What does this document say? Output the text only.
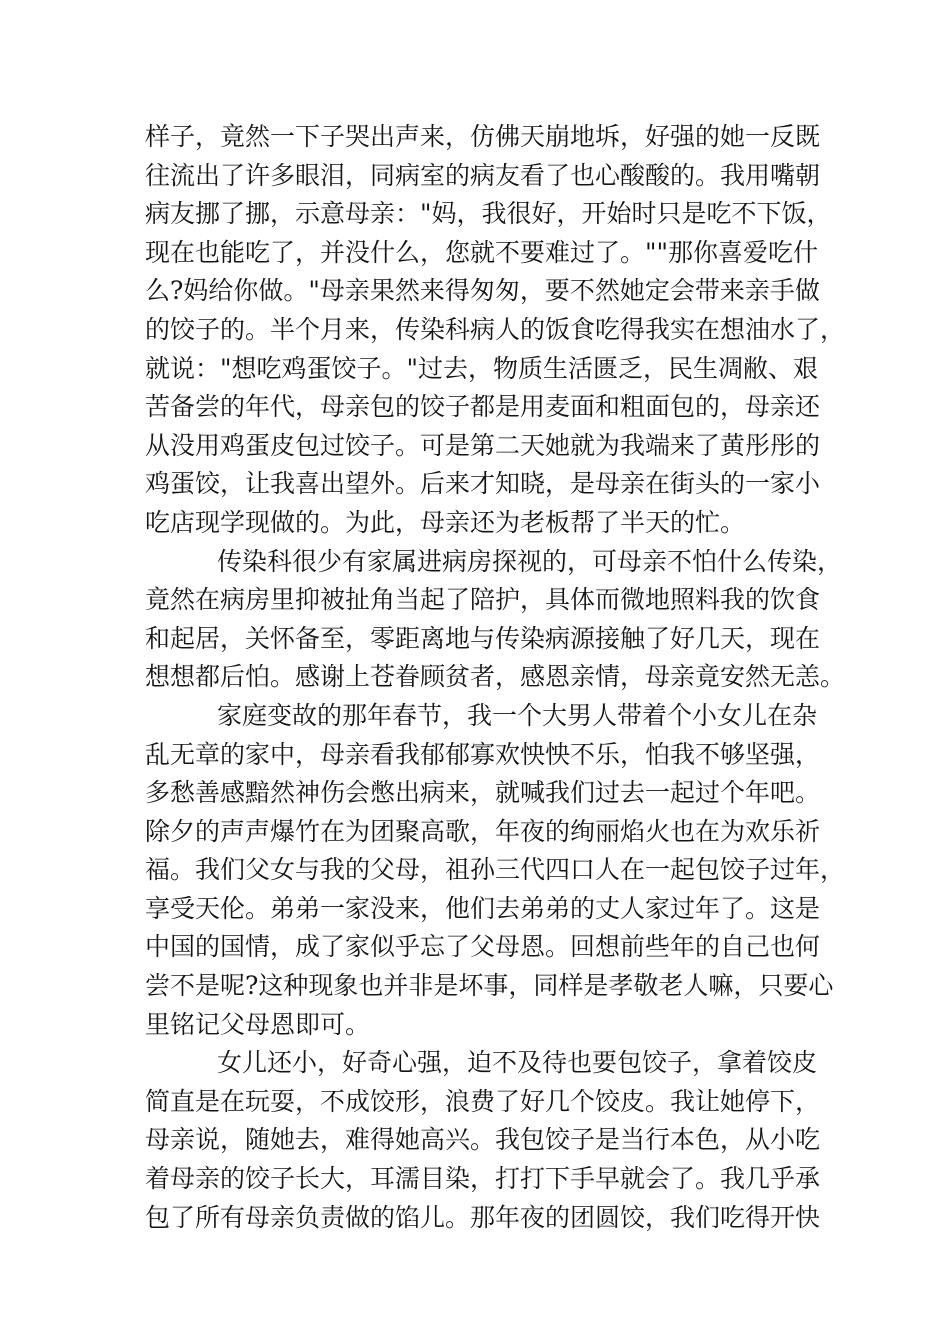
样子，竟然一下子哭出声来，仿佛天崩地坼，好强的她一反既
往流出了许多眼泪，同病室的病友看了也心酸酸的。我用嘴朝
病友挪了挪，示意母亲："妈，我很好，开始时只是吃不下饭，
现在也能吃了，并没什么，您就不要难过了。""那你喜爱吃什
么?妈给你做。"母亲果然来得匆匆，要不然她定会带来亲手做
的饺子的。半个月来，传染科病人的饭食吃得我实在想油水了，
就说："想吃鸡蛋饺子。"过去，物质生活匮乏，民生凋敝、艰
苦备尝的年代，母亲包的饺子都是用麦面和粗面包的，母亲还
从没用鸡蛋皮包过饺子。可是第二天她就为我端来了黄彤彤的
鸡蛋饺，让我喜出望外。后来才知晓，是母亲在街头的一家小
吃店现学现做的。为此，母亲还为老板帮了半天的忙。
传染科很少有家属进病房探视的，可母亲不怕什么传染，
竟然在病房里抑被扯角当起了陪护，具体而微地照料我的饮食
和起居，关怀备至，零距离地与传染病源接触了好几天，现在
想想都后怕。感谢上苍眷顾贫者，感恩亲情，母亲竟安然无恙。
家庭变故的那年春节，我一个大男人带着个小女儿在杂
乱无章的家中，母亲看我郁郁寡欢怏怏不乐，怕我不够坚强，
多愁善感黯然神伤会憋出病来，就喊我们过去一起过个年吧。
除夕的声声爆竹在为团聚高歌，年夜的绚丽焰火也在为欢乐祈
福。我们父女与我的父母，祖孙三代四口人在一起包饺子过年，
享受天伦。弟弟一家没来，他们去弟弟的丈人家过年了。这是
中国的国情，成了家似乎忘了父母恩。回想前些年的自己也何
尝不是呢?这种现象也并非是坏事，同样是孝敬老人嘛，只要心
里铭记父母恩即可。
女儿还小，好奇心强，迫不及待也要包饺子，拿着饺皮
简直是在玩耍，不成饺形，浪费了好几个饺皮。我让她停下，
母亲说，随她去，难得她高兴。我包饺子是当行本色，从小吃
着母亲的饺子长大，耳濡目染，打打下手早就会了。我几乎承
包了所有母亲负责做的馅儿。那年夜的团圆饺，我们吃得开快
